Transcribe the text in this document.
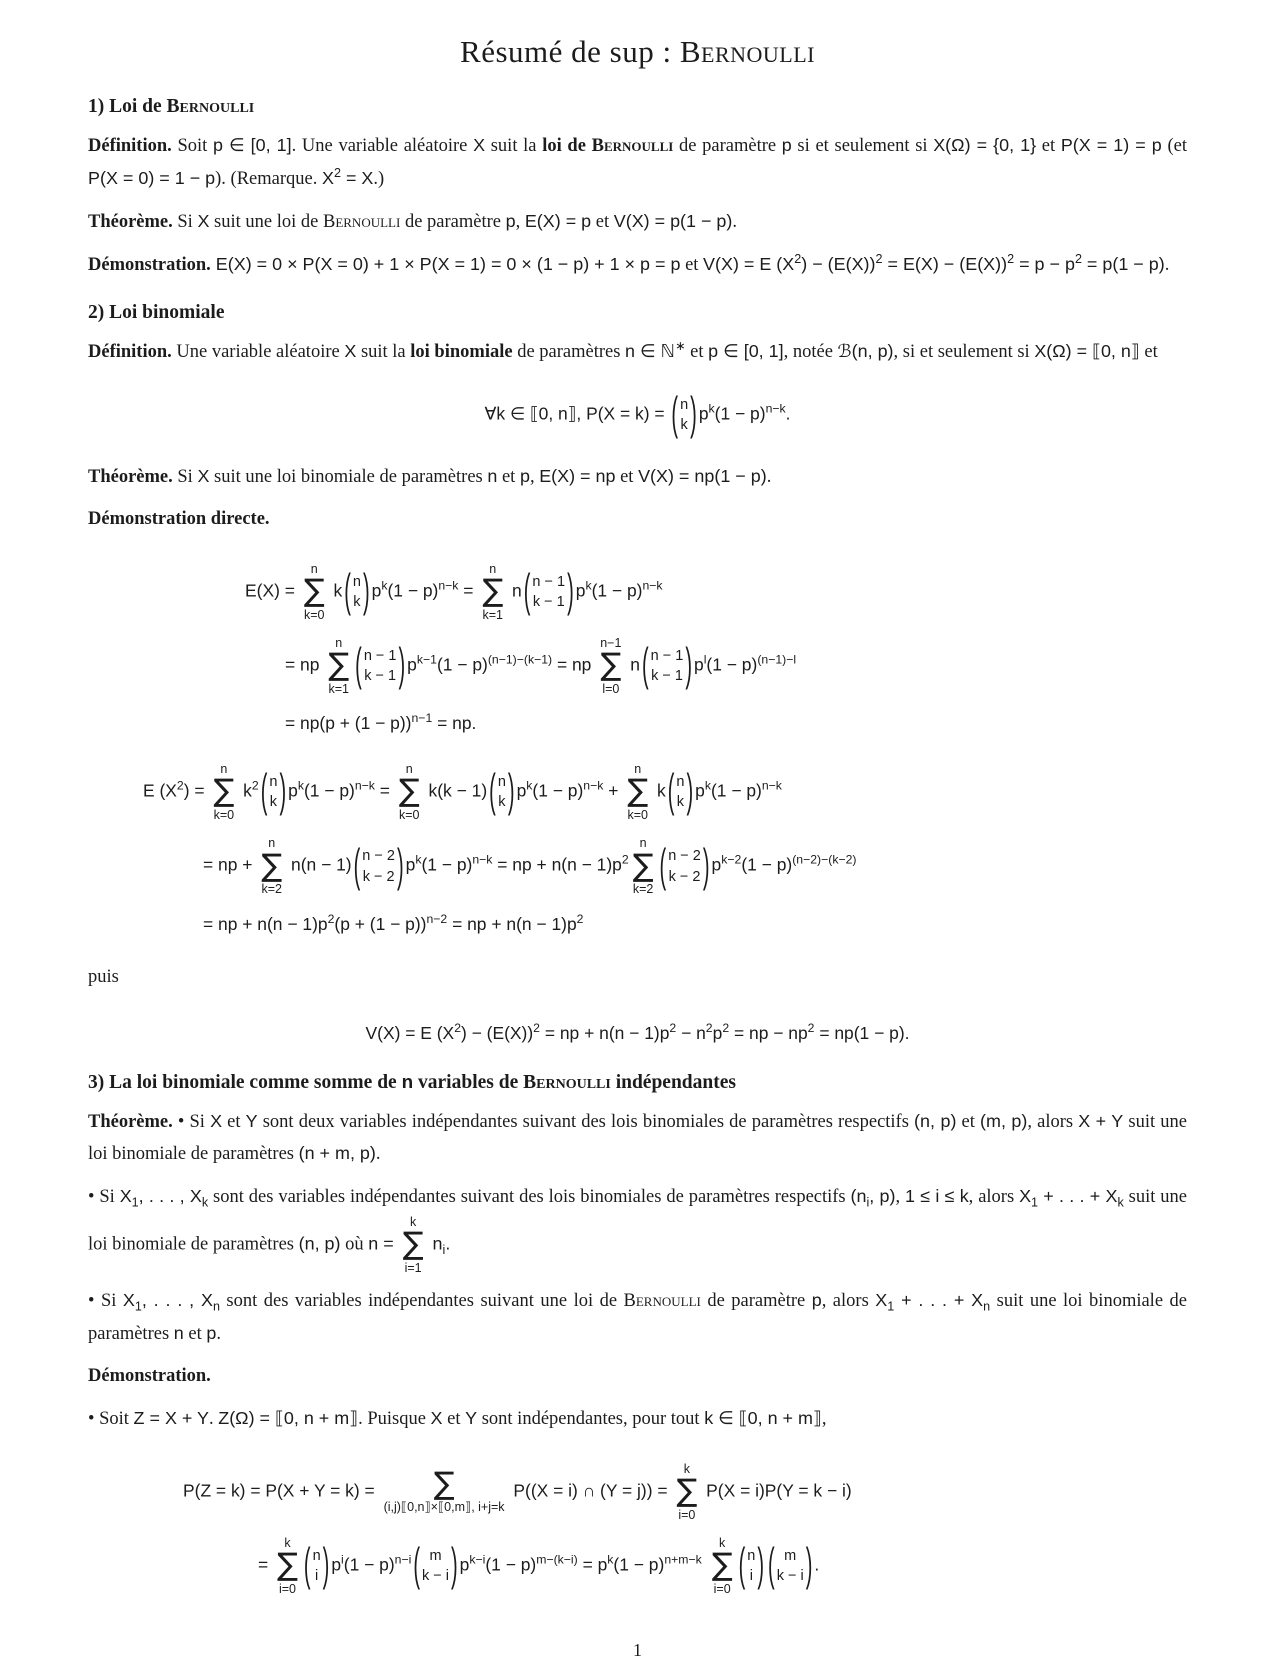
Résumé de sup : Bernoulli
1) Loi de Bernoulli

Définition. Soit p ∈ [0, 1]. Une variable aléatoire X suit la loi de Bernoulli de paramètre p si et seulement si X(Ω) = {0, 1} et P(X = 1) = p (et P(X = 0) = 1 − p). (Remarque. $X^2 = X$.)

Théorème. Si X suit une loi de Bernoulli de paramètre p, E(X) = p et V(X) = p(1 − p).

Démonstration. E(X) = 0 × P(X = 0) + 1 × P(X = 1) = 0 × (1 − p) + 1 × p = p et V(X) = E $(X^2) - (E(X))^2 = E(X) - (E(X))^2 = p - p^2 = p(1 - p)$.

2) Loi binomiale

Définition. Une variable aléatoire X suit la loi binomiale de paramètres n ∈ ℕ∗ et p ∈ [0, 1], notée ℬ(n, p), si et seulement si X(Ω) = ⟦0, n⟧ et

∀k ∈ ⟦0, n⟧, P(X = k) = ( n
k ) $p^k(1 - p)^{n-k}$.

Théorème. Si X suit une loi binomiale de paramètres n et p, E(X) = np et V(X) = np(1 − p).

Démonstration directe.

E(X) =
n
∑
k=0
k ( n
k ) $p^k(1 - p)^{n-k}$ =
n
∑
k=1
n ( n − 1
k − 1 ) $p^k(1 - p)^{n-k}$
= np
n
∑
k=1 ( n − 1
k − 1 ) $p^{k-1}(1 - p)^{(n-1)-(k-1)}$ = np
n−1
∑
l=0
n ( n − 1
k − 1 ) $p^l(1 - p)^{(n-1)-l}$
= $np(p + (1 - p))^{n-1}$ = np.
E $(X^2)$ =
n
∑
k=0
$k^2$ ( n
k ) $p^k(1 - p)^{n-k}$ =
n
∑
k=0
k(k − 1) ( n
k ) $p^k(1 - p)^{n-k}$ +
n
∑
k=0
k ( n
k ) $p^k(1 - p)^{n-k}$
= np +
n
∑
k=2
n(n − 1) ( n − 2
k − 2 ) $p^k(1 - p)^{n-k}$ = np + $n(n - 1)p^2$
n
∑
k=2 ( n − 2
k − 2 ) $p^{k-2}(1 - p)^{(n-2)-(k-2)}$
= np + $n(n - 1)p^2(p + (1 - p))^{n-2}$ = np + $n(n - 1)p^2$

puis

V(X) = E $(X^2) - (E(X))^2$ = np + $n(n - 1)p^2 - n^2p^2$ = np − $np^2 = np(1 - p)$.
3) La loi binomiale comme somme de n variables de Bernoulli indépendantes

Théorème. • Si X et Y sont deux variables indépendantes suivant des lois binomiales de paramètres respectifs (n, p) et (m, p), alors X + Y suit une loi binomiale de paramètres (n + m, p).

• Si $X_1$, . . . , $X_k$ sont des variables indépendantes suivant des lois binomiales de paramètres respectifs ($n_i$, p), 1 ≤ i ≤ k, alors $X_1$ + . . . + $X_k$ suit une loi binomiale de paramètres (n, p) où n =
k
∑
i=1
$n_i$.

• Si $X_1$, . . . , $X_n$ sont des variables indépendantes suivant une loi de Bernoulli de paramètre p, alors $X_1$ + . . . + $X_n$ suit une loi binomiale de paramètres n et p.

Démonstration.

• Soit Z = X + Y. Z(Ω) = ⟦0, n + m⟧. Puisque X et Y sont indépendantes, pour tout k ∈ ⟦0, n + m⟧,

P(Z = k) = P(X + Y = k) = ∑
(i,j)⟦0,n⟧×⟦0,m⟧, i+j=k
P((X = i) ∩ (Y = j)) =
k
∑
i=0
P(X = i)P(Y = k − i)
=
k
∑
i=0 ( n
i ) $p^i(1 - p)^{n-i}$ ( m
k − i ) $p^{k-i}(1 - p)^{m-(k-i)} = p^k(1 - p)^{n+m-k}$
k
∑
i=0 ( n
i ) ( m
k − i ) .
1
